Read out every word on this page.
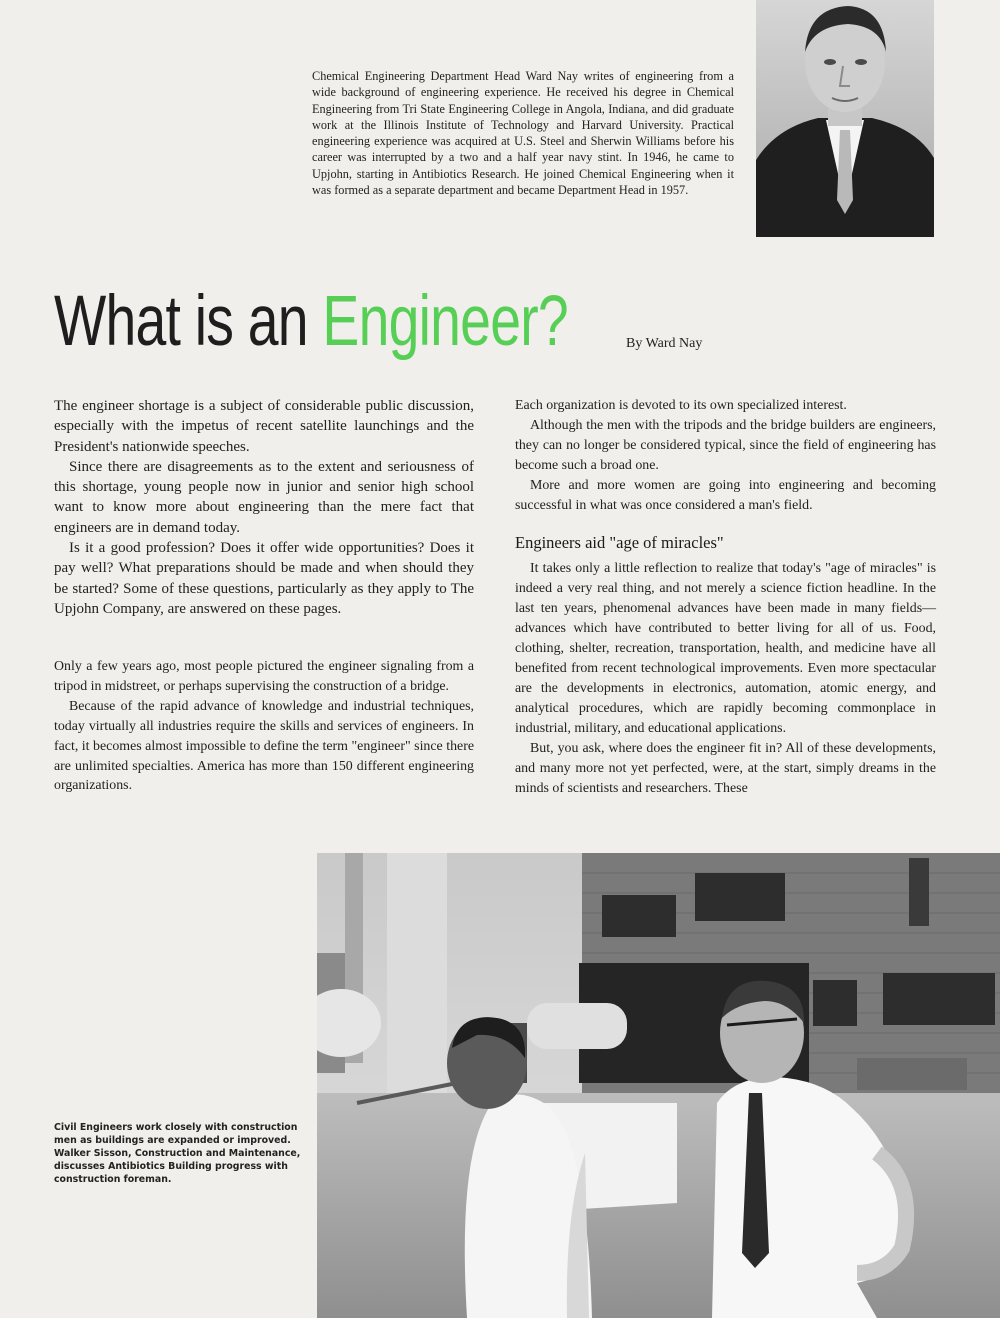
Chemical Engineering Department Head Ward Nay writes of engineering from a wide background of engineering experience. He received his degree in Chemical Engineering from Tri State Engineering College in Angola, Indiana, and did graduate work at the Illinois Institute of Technology and Harvard University. Practical engineering experience was acquired at U.S. Steel and Sherwin Williams before his career was interrupted by a two and a half year navy stint. In 1946, he came to Upjohn, starting in Antibiotics Research. He joined Chemical Engineering when it was formed as a separate department and became Department Head in 1957.

What is an Engineer?	By Ward Nay

The engineer shortage is a subject of considerable public discussion, especially with the impetus of recent satellite launchings and the President's nationwide speeches.

Since there are disagreements as to the extent and seriousness of this shortage, young people now in junior and senior high school want to know more about engineering than the mere fact that engineers are in demand today.

Is it a good profession? Does it offer wide opportunities? Does it pay well? What preparations should be made and when should they be started? Some of these questions, particularly as they apply to The Upjohn Company, are answered on these pages.

Only a few years ago, most people pictured the engineer signaling from a tripod in midstreet, or perhaps supervising the construction of a bridge.

Because of the rapid advance of knowledge and industrial techniques, today virtually all industries require the skills and services of engineers. In fact, it becomes almost impossible to define the term "engineer" since there are unlimited specialties. America has more than 150 different engineering organizations.

Each organization is devoted to its own specialized interest.

Although the men with the tripods and the bridge builders are engineers, they can no longer be considered typical, since the field of engineering has become such a broad one.

More and more women are going into engineering and becoming successful in what was once considered a man's field.

Engineers aid "age of miracles"

It takes only a little reflection to realize that today's "age of miracles" is indeed a very real thing, and not merely a science fiction headline. In the last ten years, phenomenal advances have been made in many fields—advances which have contributed to better living for all of us. Food, clothing, shelter, recreation, transportation, health, and medicine have all benefited from recent technological improvements. Even more spectacular are the developments in electronics, automation, atomic energy, and analytical procedures, which are rapidly becoming commonplace in industrial, military, and educational applications.

But, you ask, where does the engineer fit in? All of these developments, and many more not yet perfected, were, at the start, simply dreams in the minds of scientists and researchers. These

Civil Engineers work closely with construction men as buildings are expanded or improved. Walker Sisson, Construction and Maintenance, discusses Antibiotics Building progress with construction foreman.
